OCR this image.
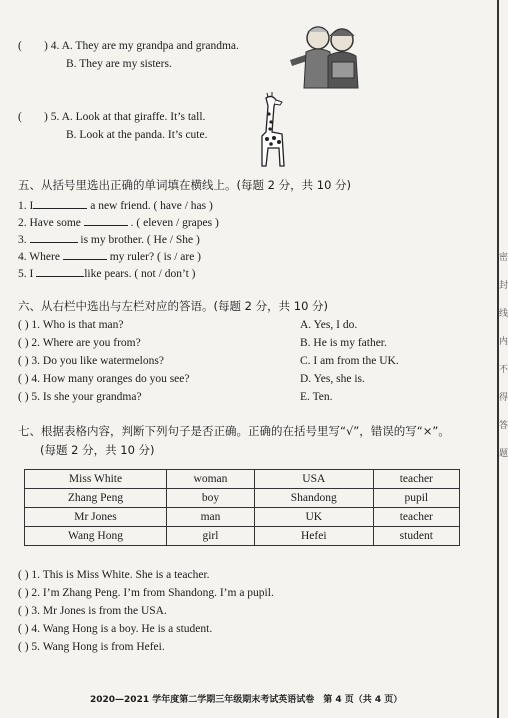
( ) 4. A. They are my grandpa and grandma.
B. They are my sisters.
( ) 5. A. Look at that giraffe. It’s tall.
B. Look at the panda. It’s cute.
五、从括号里选出正确的单词填在横线上。(每题 2 分，共 10 分)
1. I	a new friend. ( have / has )
2. Have some	. ( eleven / grapes )
3.	is my brother. ( He / She )
4. Where	my ruler? ( is / are )
5. I	like pears. ( not / don’t )
六、从右栏中选出与左栏对应的答语。(每题 2 分，共 10 分)
( ) 1. Who is that man?
( ) 2. Where are you from?
( ) 3. Do you like watermelons?
( ) 4. How many oranges do you see?
( ) 5. Is she your grandma?
A. Yes, I do.
B. He is my father.
C. I am from the UK.
D. Yes, she is.
E. Ten.
七、根据表格内容，判断下列句子是否正确。正确的在括号里写“√”，错误的写“×”。
(每题 2 分，共 10 分)
Miss White	woman	USA	teacher
Zhang Peng	boy	Shandong	pupil
Mr Jones	man	UK	teacher
Wang Hong	girl	Hefei	student
( ) 1. This is Miss White. She is a teacher.
( ) 2. I’m Zhang Peng. I’m from Shandong. I’m a pupil.
( ) 3. Mr Jones is from the USA.
( ) 4. Wang Hong is a boy. He is a student.
( ) 5. Wang Hong is from Hefei.
密
封
线
内
不
得
答
题
2020—2021 学年度第二学期三年级期末考试英语试卷　第 4 页（共 4 页）
